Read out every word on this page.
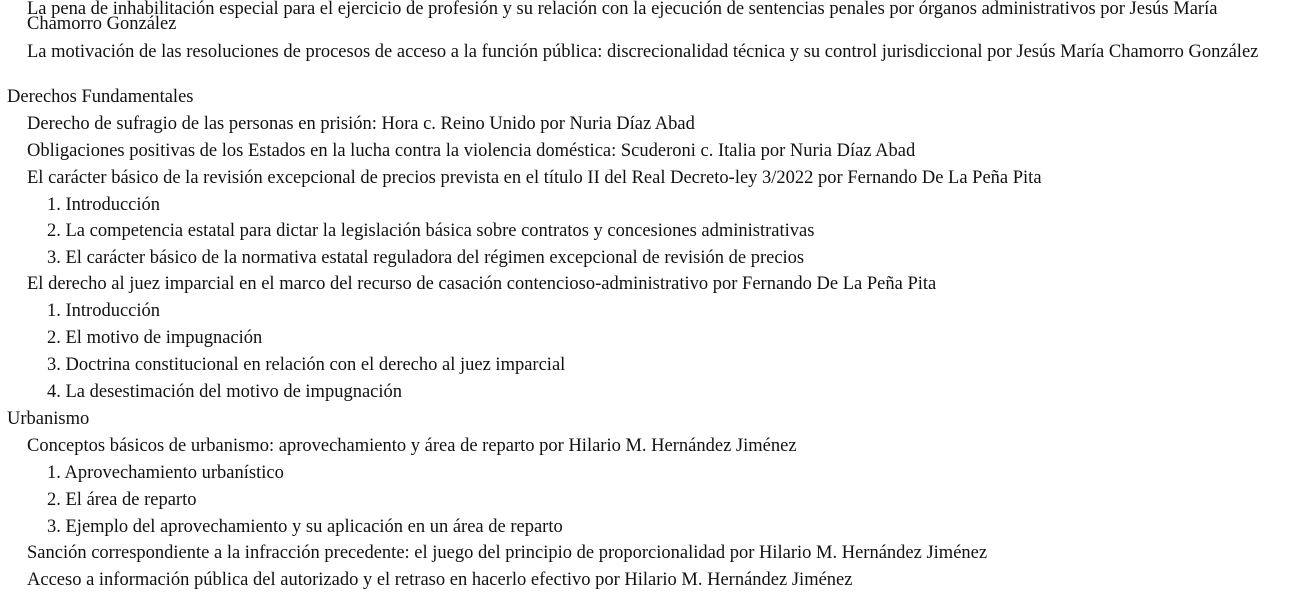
La pena de inhabilitación especial para el ejercicio de profesión y su relación con la ejecución de sentencias penales por órganos administrativos por Jesús María Chamorro González
La motivación de las resoluciones de procesos de acceso a la función pública: discrecionalidad técnica y su control jurisdiccional por Jesús María Chamorro González
Derechos Fundamentales
Derecho de sufragio de las personas en prisión: Hora c. Reino Unido por Nuria Díaz Abad
Obligaciones positivas de los Estados en la lucha contra la violencia doméstica: Scuderoni c. Italia por Nuria Díaz Abad
El carácter básico de la revisión excepcional de precios prevista en el título II del Real Decreto-ley 3/2022 por Fernando De La Peña Pita
1. Introducción
2. La competencia estatal para dictar la legislación básica sobre contratos y concesiones administrativas
3. El carácter básico de la normativa estatal reguladora del régimen excepcional de revisión de precios
El derecho al juez imparcial en el marco del recurso de casación contencioso-administrativo por Fernando De La Peña Pita
1. Introducción
2. El motivo de impugnación
3. Doctrina constitucional en relación con el derecho al juez imparcial
4. La desestimación del motivo de impugnación
Urbanismo
Conceptos básicos de urbanismo: aprovechamiento y área de reparto por Hilario M. Hernández Jiménez
1. Aprovechamiento urbanístico
2. El área de reparto
3. Ejemplo del aprovechamiento y su aplicación en un área de reparto
Sanción correspondiente a la infracción precedente: el juego del principio de proporcionalidad por Hilario M. Hernández Jiménez
Acceso a información pública del autorizado y el retraso en hacerlo efectivo por Hilario M. Hernández Jiménez
